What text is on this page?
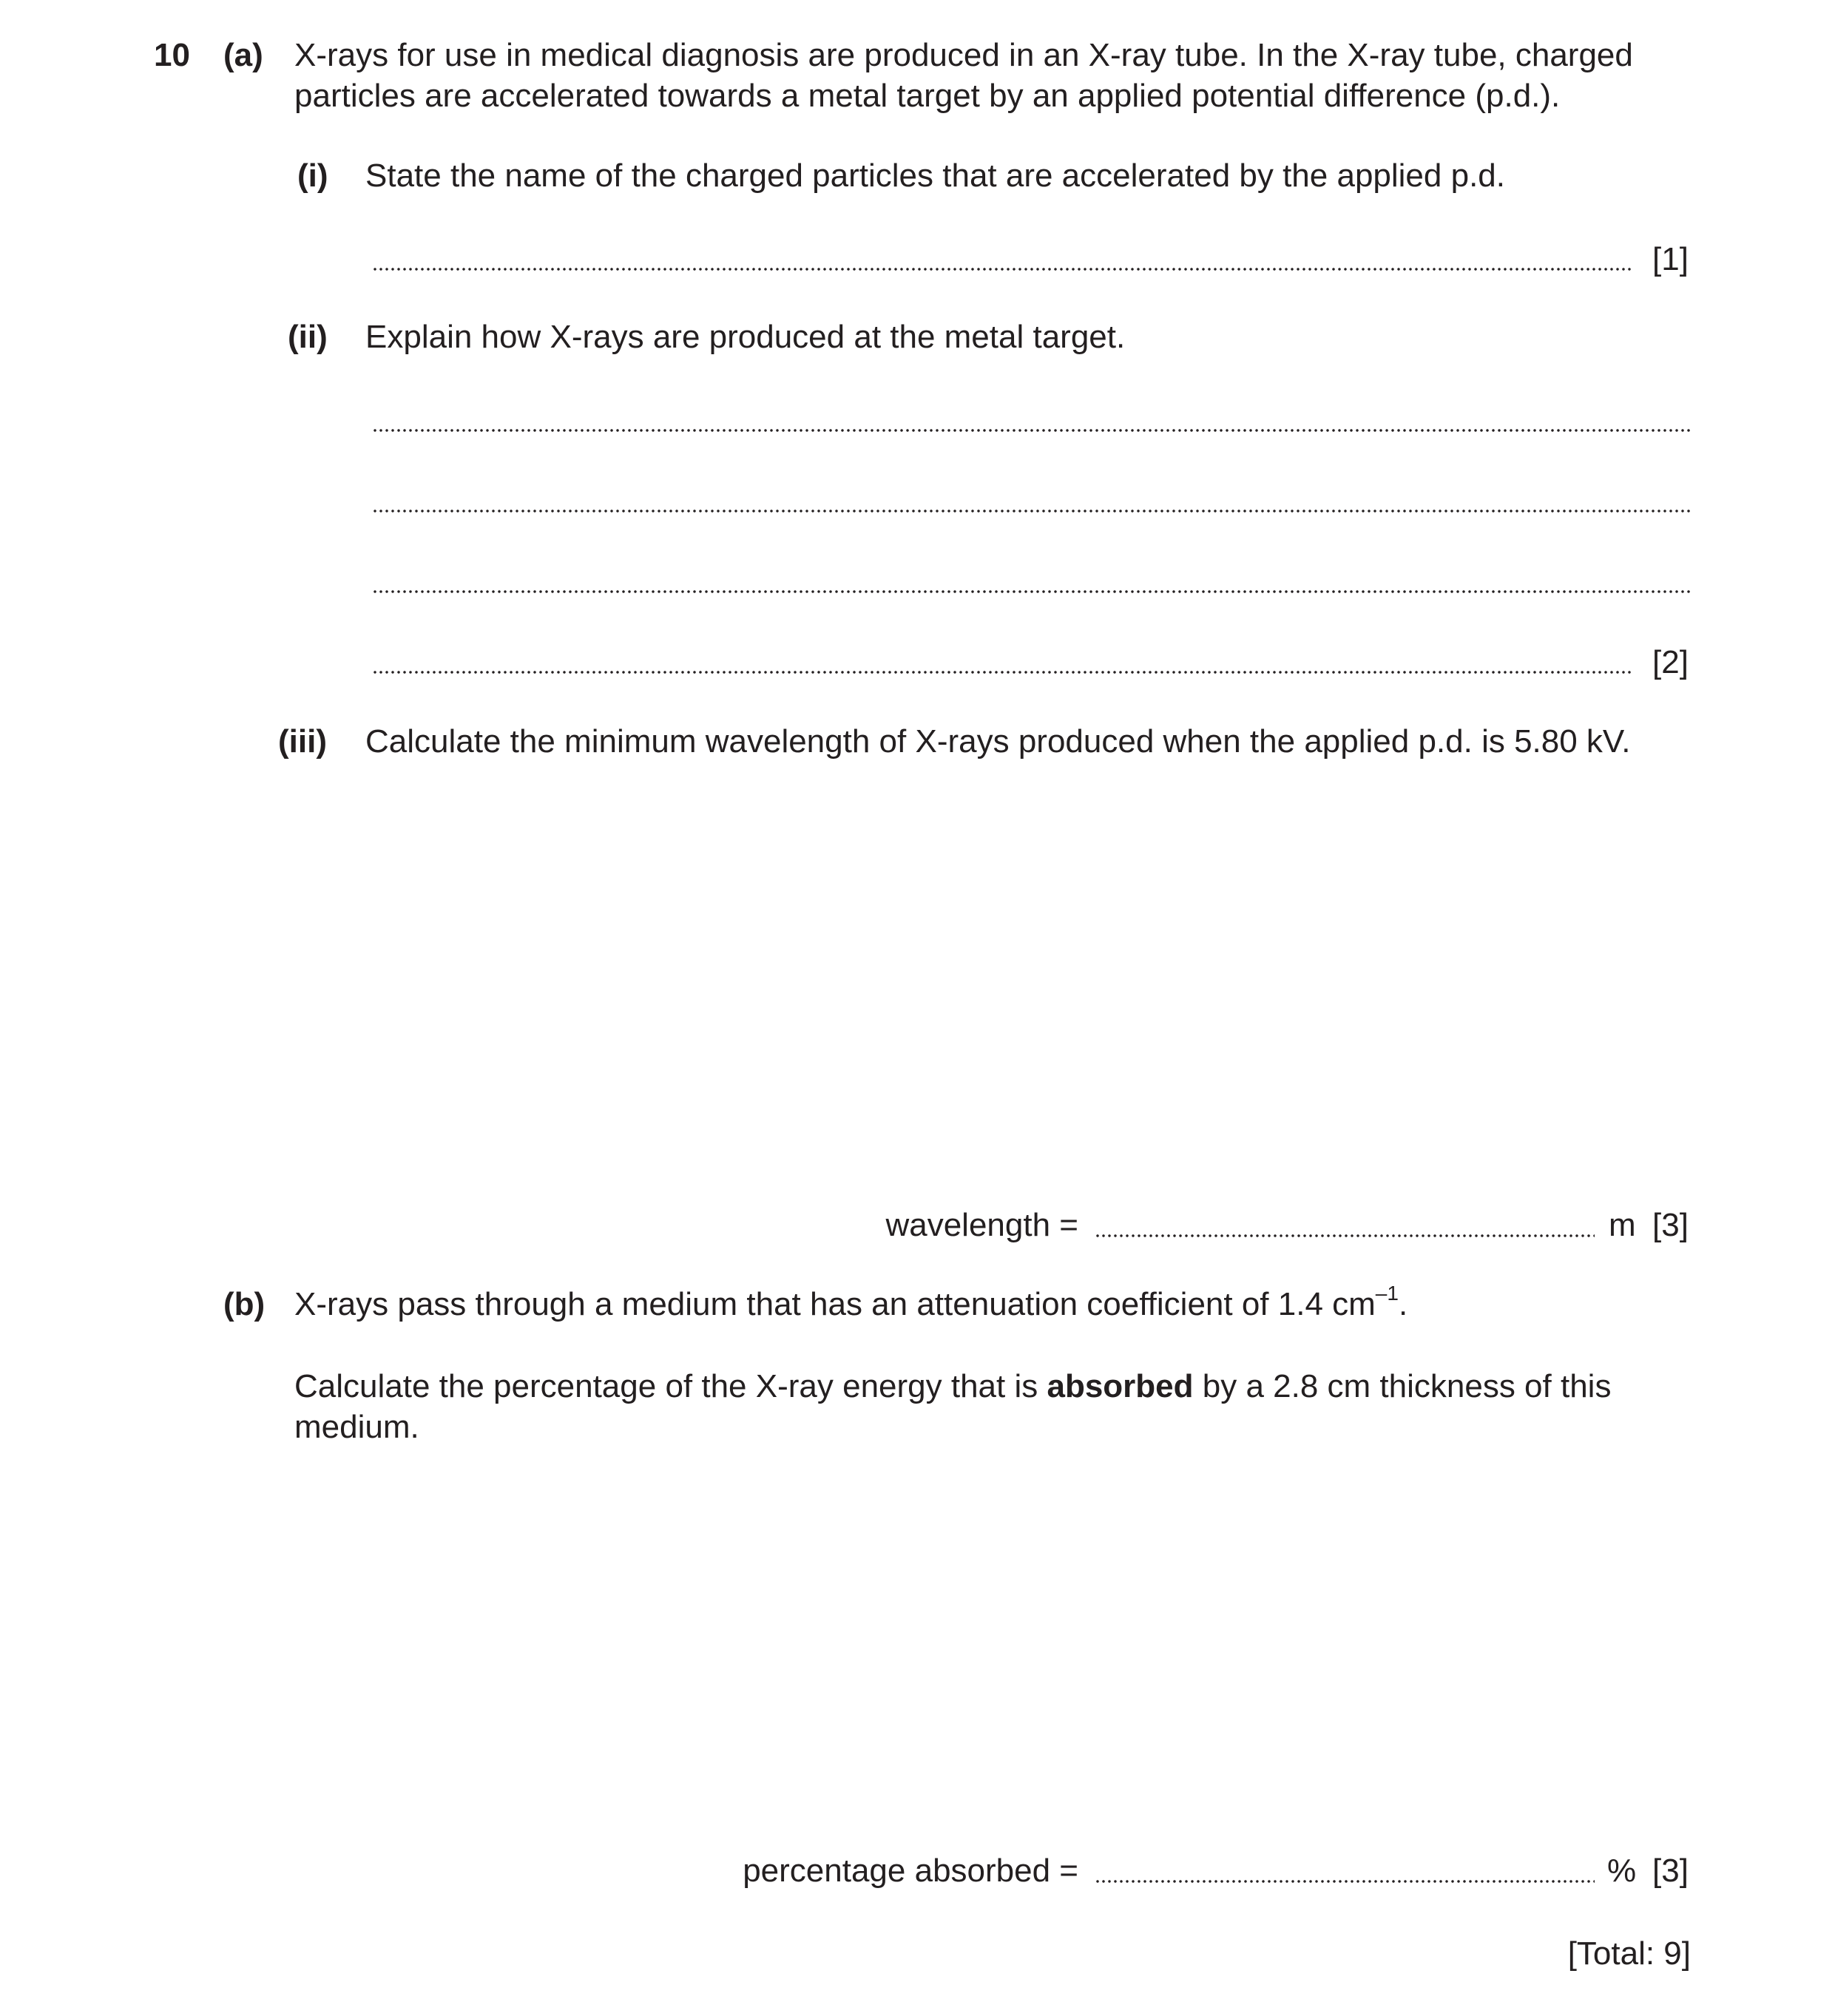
10 (a) X-rays for use in medical diagnosis are produced in an X-ray tube. In the X-ray tube, charged
particles are accelerated towards a metal target by an applied potential difference (p.d.).
(i) State the name of the charged particles that are accelerated by the applied p.d.
[1]
(ii) Explain how X-rays are produced at the metal target.
[2]
(iii) Calculate the minimum wavelength of X-rays produced when the applied p.d. is 5.80 kV.
wavelength =	m [3]
(b) X-rays pass through a medium that has an attenuation coefficient of 1.4 $cm^{-1}$.
Calculate the percentage of the X-ray energy that is absorbed by a 2.8 cm thickness of this
medium.
percentage absorbed =	% [3]
[Total: 9]
